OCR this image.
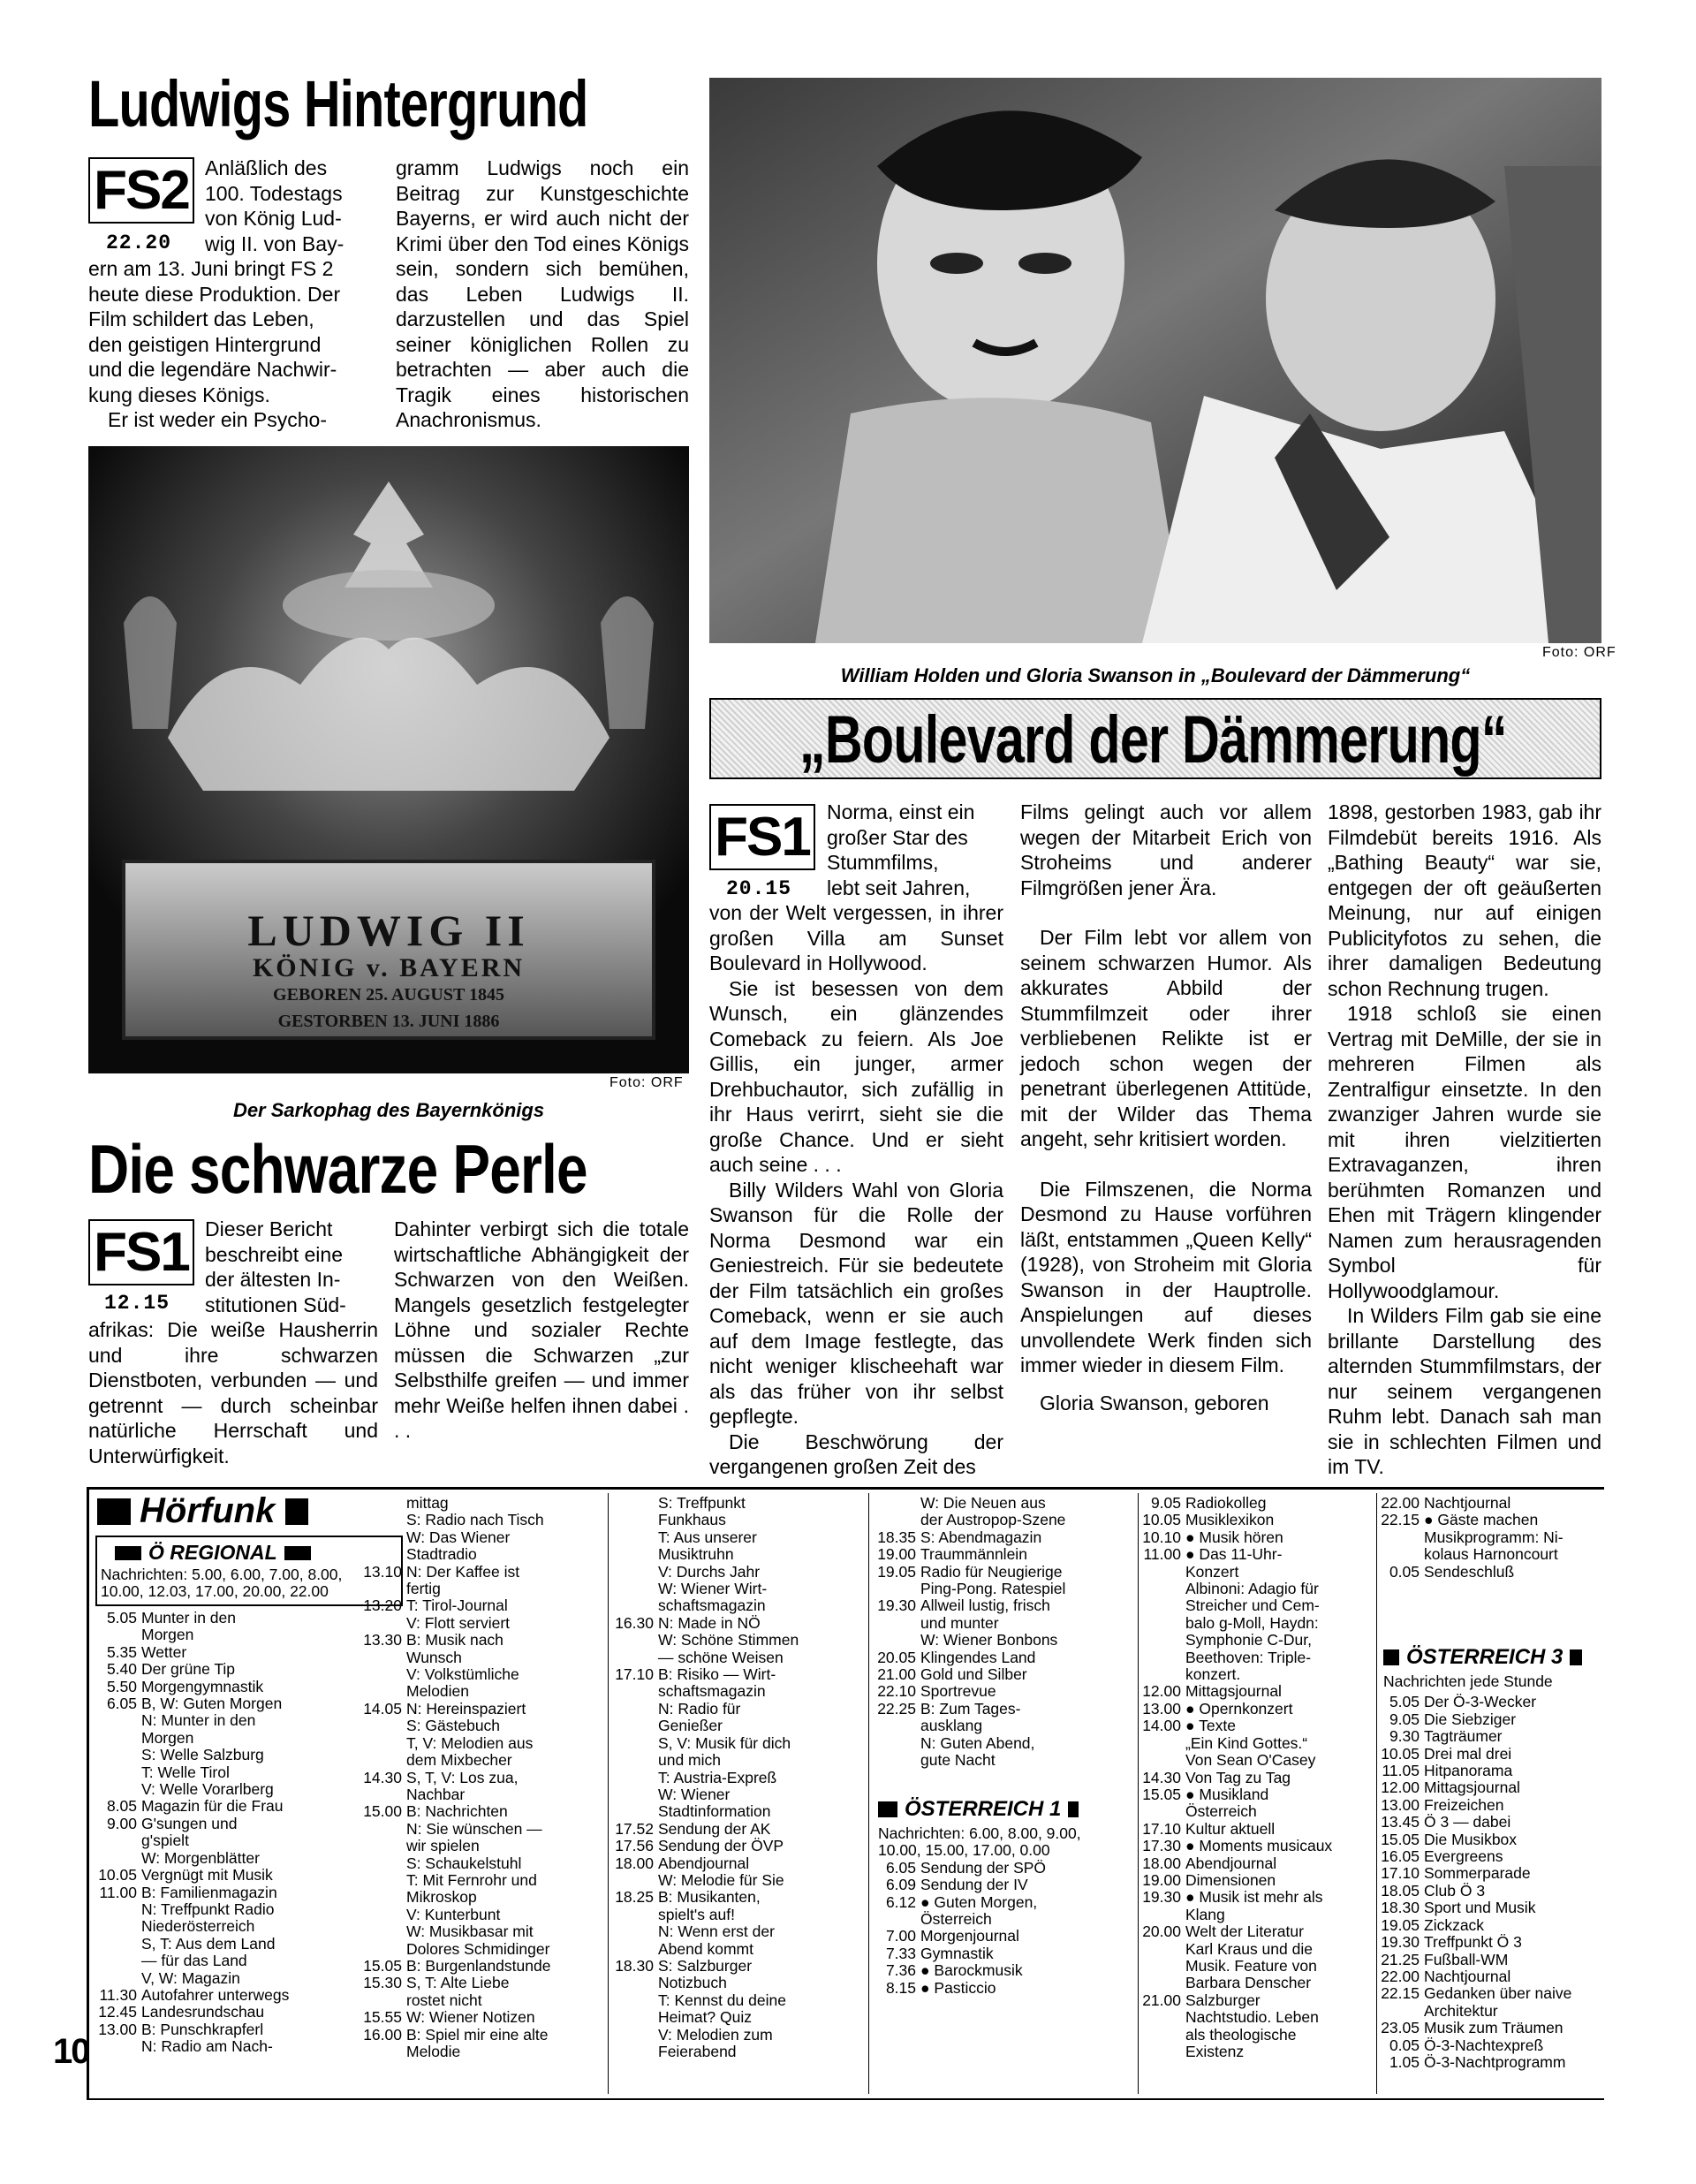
Ludwigs Hintergrund
FS2
22.20
Anläßlich des
100. Todestags
von König Lud-
wig II. von Bay-
ern am 13. Juni bringt FS 2
heute diese Produktion. Der
Film schildert das Leben,
den geistigen Hintergrund
und die legendäre Nachwir-
kung dieses Königs.
Er ist weder ein Psycho-
gramm Ludwigs noch ein Beitrag zur Kunstgeschichte Bayerns, er wird auch nicht der Krimi über den Tod eines Königs sein, sondern sich bemühen, das Leben Ludwigs II. darzustellen und das Spiel seiner königlichen Rollen zu betrachten — aber auch die Tragik eines historischen Anachronismus.
LUDWIG II
KÖNIG v. BAYERN
GEBOREN 25. AUGUST 1845
GESTORBEN 13. JUNI 1886
Foto: ORF
Der Sarkophag des Bayernkönigs
Die schwarze Perle
FS1
12.15
Dieser Bericht
beschreibt eine
der ältesten In-
stitutionen Süd-
afrikas: Die weiße Hausherrin und ihre schwarzen Dienstboten, verbunden — und getrennt — durch scheinbar natürliche Herrschaft und Unterwürfigkeit.
Dahinter verbirgt sich die totale wirtschaftliche Abhängigkeit der Schwarzen von den Weißen. Mangels gesetzlich festgelegter Löhne und sozialer Rechte müssen die Schwarzen „zur Selbsthilfe greifen — und immer mehr Weiße helfen ihnen dabei . . .
Foto: ORF
William Holden und Gloria Swanson in „Boulevard der Dämmerung“
„Boulevard der Dämmerung“
FS1
20.15
Norma, einst ein
großer Star des
Stummfilms,
lebt seit Jahren,

von der Welt vergessen, in ihrer großen Villa am Sunset Boulevard in Hollywood.

Sie ist besessen von dem Wunsch, ein glänzendes Comeback zu feiern. Als Joe Gillis, ein junger, armer Drehbuchautor, sich zufällig in ihr Haus verirrt, sieht sie die große Chance. Und er sieht auch seine . . .

Billy Wilders Wahl von Gloria Swanson für die Rolle der Norma Desmond war ein Geniestreich. Für sie bedeutete der Film tatsächlich ein großes Comeback, wenn er sie auch auf dem Image festlegte, das nicht weniger klischeehaft war als das früher von ihr selbst gepflegte.

Die Beschwörung der vergangenen großen Zeit des

Films gelingt auch vor allem wegen der Mitarbeit Erich von Stroheims und anderer Filmgrößen jener Ära.

Der Film lebt vor allem von seinem schwarzen Humor. Als akkurates Abbild der Stummfilmzeit oder ihrer verbliebenen Relikte ist er jedoch schon wegen der penetrant überlegenen Attitüde, mit der Wilder das Thema angeht, sehr kritisiert worden.

Die Filmszenen, die Norma Desmond zu Hause vorführen läßt, entstammen „Queen Kelly“ (1928), von Stroheim mit Gloria Swanson in der Hauptrolle. Anspielungen auf dieses unvollendete Werk finden sich immer wieder in diesem Film.

Gloria Swanson, geboren

1898, gestorben 1983, gab ihr Filmdebüt bereits 1916. Als „Bathing Beauty“ war sie, entgegen der oft geäußerten Meinung, nur auf einigen Publicityfotos zu sehen, die ihrer damaligen Bedeutung schon Rechnung trugen.

1918 schloß sie einen Vertrag mit DeMille, der sie in mehreren Filmen als Zentralfigur einsetzte. In den zwanziger Jahren wurde sie mit ihren vielzitierten Extravaganzen, ihren berühmten Romanzen und Ehen mit Trägern klingender Namen zum herausragenden Symbol für Hollywoodglamour.

In Wilders Film gab sie eine brillante Darstellung des alternden Stummfilmstars, der nur seinem vergangenen Ruhm lebt. Danach sah man sie in schlechten Filmen und im TV.

10
Hörfunk
Ö REGIONAL
Nachrichten: 5.00, 6.00, 7.00, 8.00, 10.00, 12.03, 17.00, 20.00, 22.00
5.05 Munter in den
Morgen
5.35 Wetter
5.40 Der grüne Tip
5.50 Morgengymnastik
6.05 B, W: Guten Morgen
N: Munter in den
Morgen
S: Welle Salzburg
T: Welle Tirol
V: Welle Vorarlberg
8.05 Magazin für die Frau
9.00 G'sungen und
g'spielt
W: Morgenblätter
10.05 Vergnügt mit Musik
11.00 B: Familienmagazin
N: Treffpunkt Radio
Niederösterreich
S, T: Aus dem Land
— für das Land
V, W: Magazin
11.30 Autofahrer unterwegs
12.45 Landesrundschau
13.00 B: Punschkrapferl
N: Radio am Nach-
mittag
S: Radio nach Tisch
W: Das Wiener
Stadtradio
13.10 N: Der Kaffee ist
fertig
13.20 T: Tirol-Journal
V: Flott serviert
13.30 B: Musik nach
Wunsch
V: Volkstümliche
Melodien
14.05 N: Hereinspaziert
S: Gästebuch
T, V: Melodien aus
dem Mixbecher
14.30 S, T, V: Los zua,
Nachbar
15.00 B: Nachrichten
N: Sie wünschen —
wir spielen
S: Schaukelstuhl
T: Mit Fernrohr und
Mikroskop
V: Kunterbunt
W: Musikbasar mit
Dolores Schmidinger
15.05 B: Burgenlandstunde
15.30 S, T: Alte Liebe
rostet nicht
15.55 W: Wiener Notizen
16.00 B: Spiel mir eine alte
Melodie
S: Treffpunkt
Funkhaus
T: Aus unserer
Musiktruhn
V: Durchs Jahr
W: Wiener Wirt-
schaftsmagazin
16.30 N: Made in NÖ
W: Schöne Stimmen
— schöne Weisen
17.10 B: Risiko — Wirt-
schaftsmagazin
N: Radio für
Genießer
S, V: Musik für dich
und mich
T: Austria-Expreß
W: Wiener
Stadtinformation
17.52 Sendung der AK
17.56 Sendung der ÖVP
18.00 Abendjournal
W: Melodie für Sie
18.25 B: Musikanten,
spielt's auf!
N: Wenn erst der
Abend kommt
18.30 S: Salzburger
Notizbuch
T: Kennst du deine
Heimat? Quiz
V: Melodien zum
Feierabend
W: Die Neuen aus
der Austropop-Szene
18.35 S: Abendmagazin
19.00 Traummännlein
19.05 Radio für Neugierige
Ping-Pong. Ratespiel
19.30 Allweil lustig, frisch
und munter
W: Wiener Bonbons
20.05 Klingendes Land
21.00 Gold und Silber
22.10 Sportrevue
22.25 B: Zum Tages-
ausklang
N: Guten Abend,
gute Nacht
ÖSTERREICH 1
Nachrichten: 6.00, 8.00, 9.00, 10.00, 15.00, 17.00, 0.00
6.05 Sendung der SPÖ
6.09 Sendung der IV
6.12 ● Guten Morgen,
Österreich
7.00 Morgenjournal
7.33 Gymnastik
7.36 ● Barockmusik
8.15 ● Pasticcio
9.05 Radiokolleg
10.05 Musiklexikon
10.10 ● Musik hören
11.00 ● Das 11-Uhr-
Konzert
Albinoni: Adagio für
Streicher und Cem-
balo g-Moll, Haydn:
Symphonie C-Dur,
Beethoven: Triple-
konzert.
12.00 Mittagsjournal
13.00 ● Opernkonzert
14.00 ● Texte
„Ein Kind Gottes.“
Von Sean O'Casey
14.30 Von Tag zu Tag
15.05 ● Musikland
Österreich
17.10 Kultur aktuell
17.30 ● Moments musicaux
18.00 Abendjournal
19.00 Dimensionen
19.30 ● Musik ist mehr als
Klang
20.00 Welt der Literatur
Karl Kraus und die
Musik. Feature von
Barbara Denscher
21.00 Salzburger
Nachtstudio. Leben
als theologische
Existenz
22.00 Nachtjournal
22.15 ● Gäste machen
Musikprogramm: Ni-
kolaus Harnoncourt
0.05 Sendeschluß
ÖSTERREICH 3
Nachrichten jede Stunde
5.05 Der Ö-3-Wecker
9.05 Die Siebziger
9.30 Tagträumer
10.05 Drei mal drei
11.05 Hitpanorama
12.00 Mittagsjournal
13.00 Freizeichen
13.45 Ö 3 — dabei
15.05 Die Musikbox
16.05 Evergreens
17.10 Sommerparade
18.05 Club Ö 3
18.30 Sport und Musik
19.05 Zickzack
19.30 Treffpunkt Ö 3
21.25 Fußball-WM
22.00 Nachtjournal
22.15 Gedanken über naive
Architektur
23.05 Musik zum Träumen
0.05 Ö-3-Nachtexpreß
1.05 Ö-3-Nachtprogramm
